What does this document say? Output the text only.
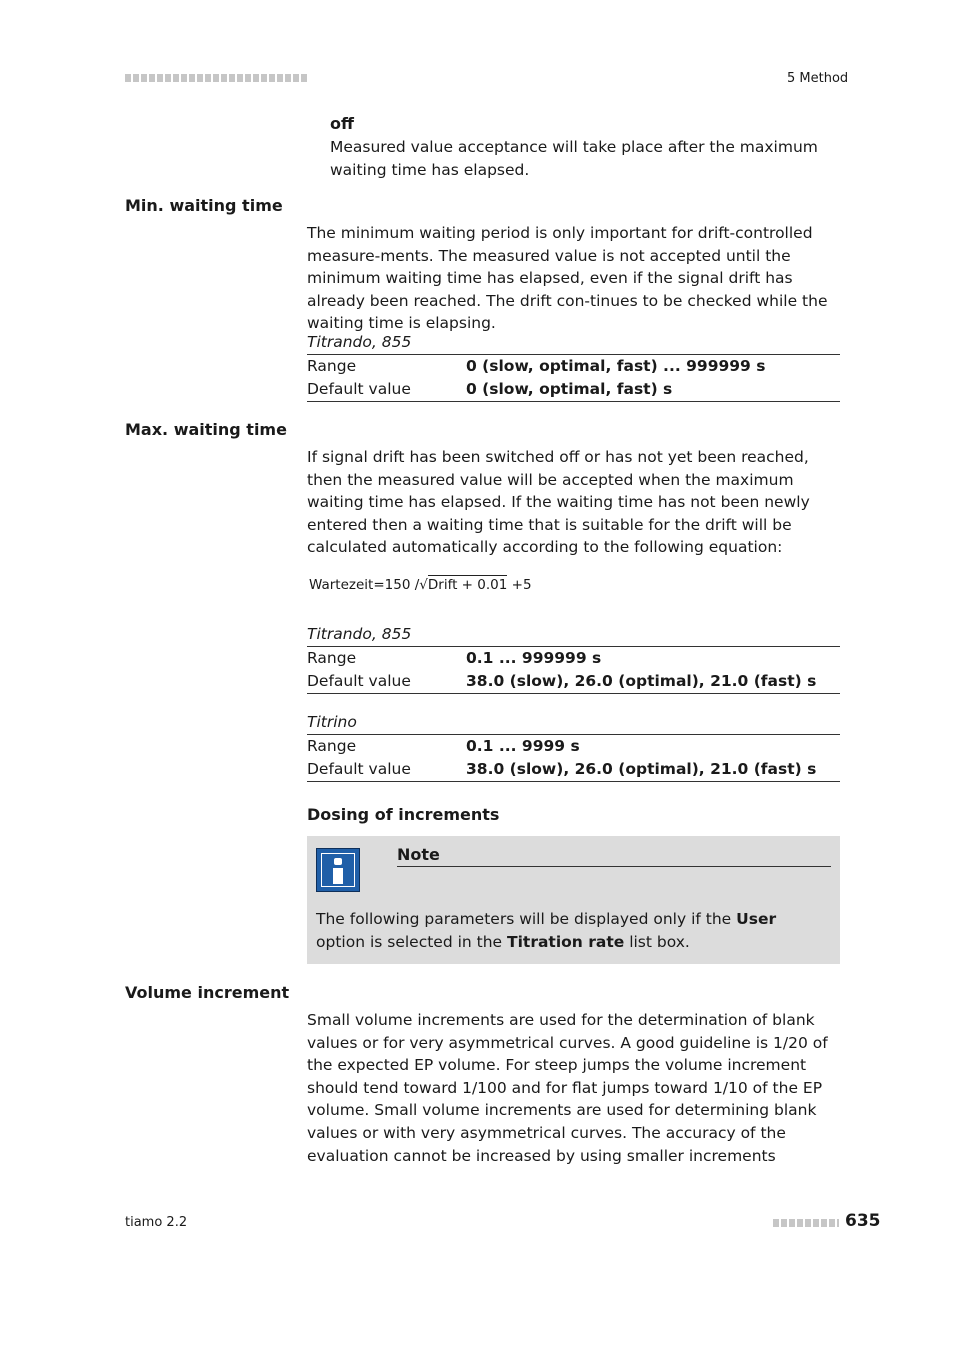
5 Method
off

Measured value acceptance will take place after the maximum waiting time has elapsed.

Min. waiting time

The minimum waiting period is only important for drift-controlled measure-ments. The measured value is not accepted until the minimum waiting time has elapsed, even if the signal drift has already been reached. The drift con-tinues to be checked while the waiting time is elapsing.

Titrando, 855
Range	0 (slow, optimal, fast) ... 999999 s
Default value	0 (slow, optimal, fast) s
Max. waiting time

If signal drift has been switched off or has not yet been reached, then the measured value will be accepted when the maximum waiting time has elapsed. If the waiting time has not been newly entered then a waiting time that is suitable for the drift will be calculated automatically according to the following equation:

Wartezeit=150 /√Drift + 0.01 +5
Titrando, 855
Range	0.1 ... 999999 s
Default value	38.0 (slow), 26.0 (optimal), 21.0 (fast) s
Titrino
Range	0.1 ... 9999 s
Default value	38.0 (slow), 26.0 (optimal), 21.0 (fast) s
Dosing of increments
Note

The following parameters will be displayed only if the User option is selected in the Titration rate list box.

Volume increment

Small volume increments are used for the determination of blank values or for very asymmetrical curves. A good guideline is 1/20 of the expected EP volume. For steep jumps the volume increment should tend toward 1/100 and for flat jumps toward 1/10 of the EP volume. Small volume increments are used for determining blank values or with very asymmetrical curves. The accuracy of the evaluation cannot be increased by using smaller increments

tiamo 2.2	635
